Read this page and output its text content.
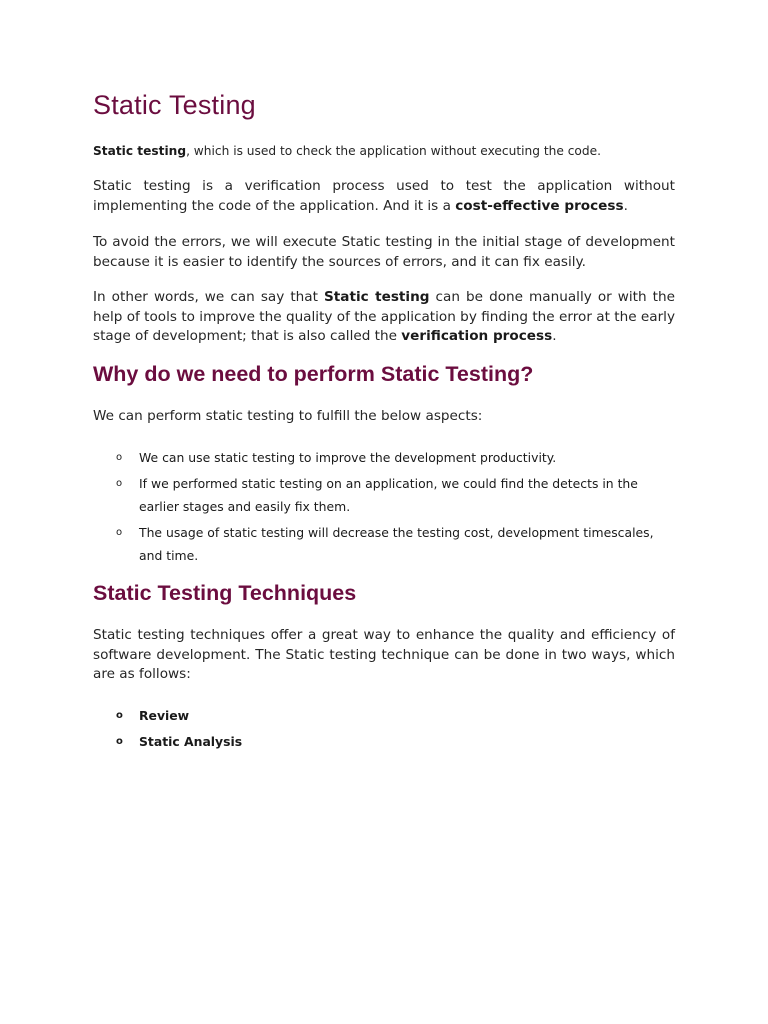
Static Testing

Static testing, which is used to check the application without executing the code.

Static testing is a verification process used to test the application without implementing the code of the application. And it is a cost-effective process.

To avoid the errors, we will execute Static testing in the initial stage of development because it is easier to identify the sources of errors, and it can fix easily.

In other words, we can say that Static testing can be done manually or with the help of tools to improve the quality of the application by finding the error at the early stage of development; that is also called the verification process.

Why do we need to perform Static Testing?

We can perform static testing to fulfill the below aspects:

o We can use static testing to improve the development productivity.
o If we performed static testing on an application, we could find the detects in the earlier stages and easily fix them.
o The usage of static testing will decrease the testing cost, development timescales, and time.
Static Testing Techniques

Static testing techniques offer a great way to enhance the quality and efficiency of software development. The Static testing technique can be done in two ways, which are as follows:

o Review
o Static Analysis
